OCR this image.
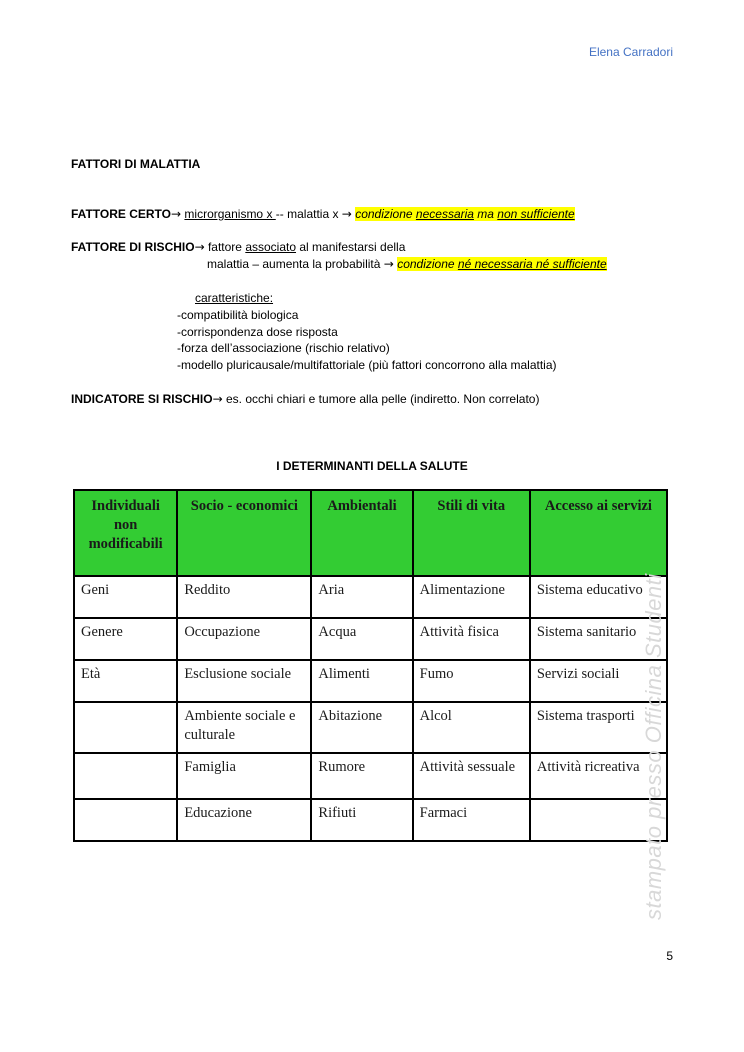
Elena Carradori
FATTORI DI MALATTIA
FATTORE CERTO→ microrganismo x -- malattia x → condizione necessaria ma non sufficiente
FATTORE DI RISCHIO→ fattore associato al manifestarsi della
malattia – aumenta la probabilità → condizione né necessaria né sufficiente
caratteristiche:
-compatibilità biologica
-corrispondenza dose risposta
-forza dell’associazione (rischio relativo)
-modello pluricausale/multifattoriale (più fattori concorrono alla malattia)
INDICATORE SI RISCHIO→ es. occhi chiari e tumore alla pelle (indiretto. Non correlato)
I DETERMINANTI DELLA SALUTE
Individuali non modificabili	Socio - economici	Ambientali	Stili di vita	Accesso ai servizi
Geni	Reddito	Aria	Alimentazione	Sistema educativo
Genere	Occupazione	Acqua	Attività fisica	Sistema sanitario
Età	Esclusione sociale	Alimenti	Fumo	Servizi sociali
	Ambiente sociale e culturale	Abitazione	Alcol	Sistema trasporti
	Famiglia	Rumore	Attività sessuale	Attività ricreativa
	Educazione	Rifiuti	Farmaci		stampato presso Officina Studenti
5
